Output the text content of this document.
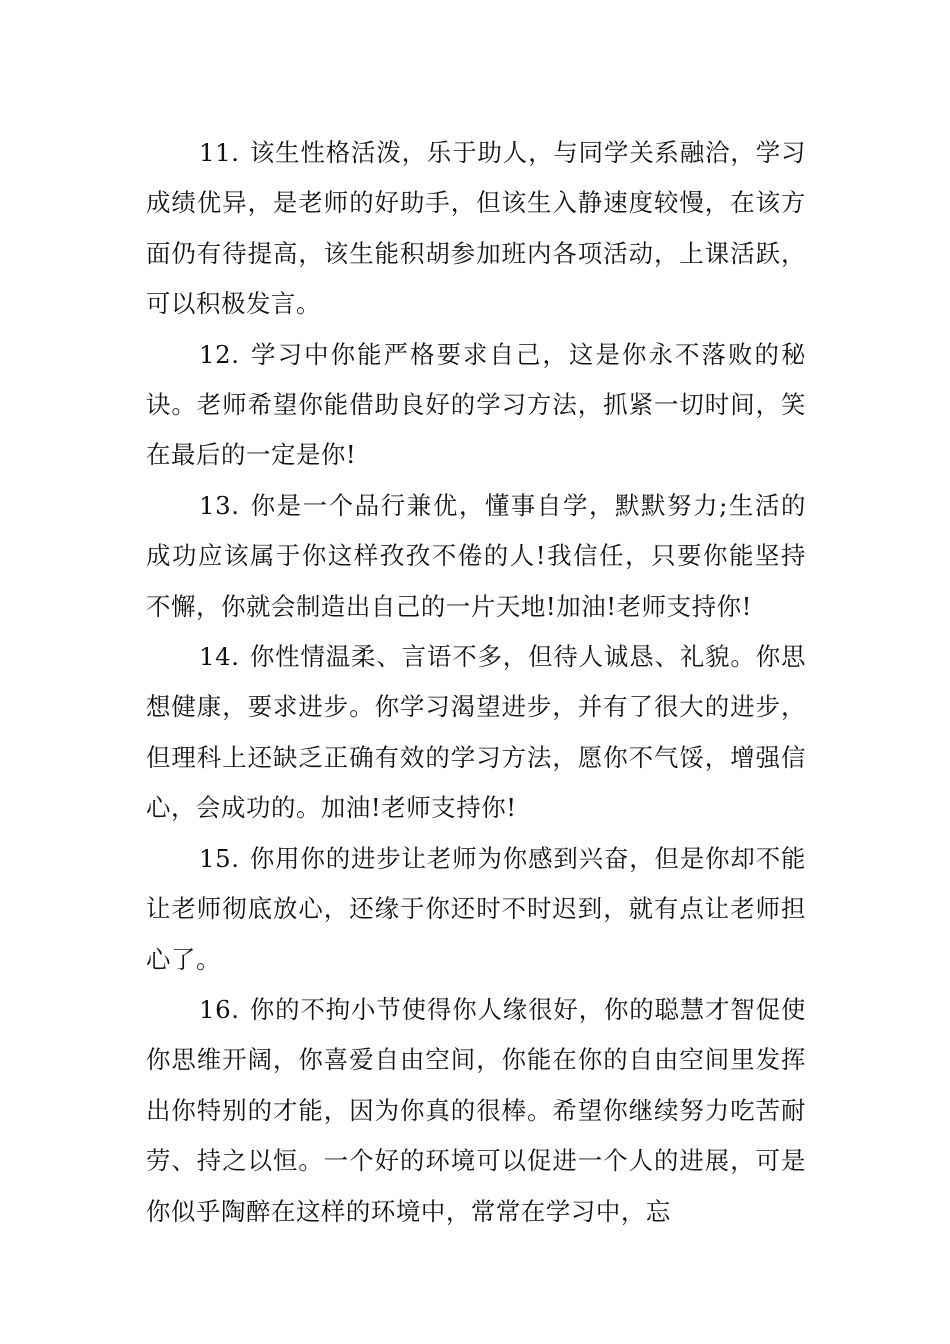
11. 该生性格活泼，乐于助人，与同学关系融洽，学习成绩优异，是老师的好助手，但该生入静速度较慢，在该方面仍有待提高，该生能积胡参加班内各项活动，上课活跃，可以积极发言。

12. 学习中你能严格要求自己，这是你永不落败的秘诀。老师希望你能借助良好的学习方法，抓紧一切时间，笑在最后的一定是你!

13. 你是一个品行兼优，懂事自学，默默努力;生活的成功应该属于你这样孜孜不倦的人!我信任，只要你能坚持不懈，你就会制造出自己的一片天地!加油!老师支持你!

14. 你性情温柔、言语不多，但待人诚恳、礼貌。你思想健康，要求进步。你学习渴望进步，并有了很大的进步，但理科上还缺乏正确有效的学习方法，愿你不气馁，增强信心，会成功的。加油!老师支持你!

15. 你用你的进步让老师为你感到兴奋，但是你却不能让老师彻底放心，还缘于你还时不时迟到，就有点让老师担心了。

16. 你的不拘小节使得你人缘很好，你的聪慧才智促使你思维开阔，你喜爱自由空间，你能在你的自由空间里发挥出你特别的才能，因为你真的很棒。希望你继续努力吃苦耐劳、持之以恒。一个好的环境可以促进一个人的进展，可是你似乎陶醉在这样的环境中，常常在学习中，忘
